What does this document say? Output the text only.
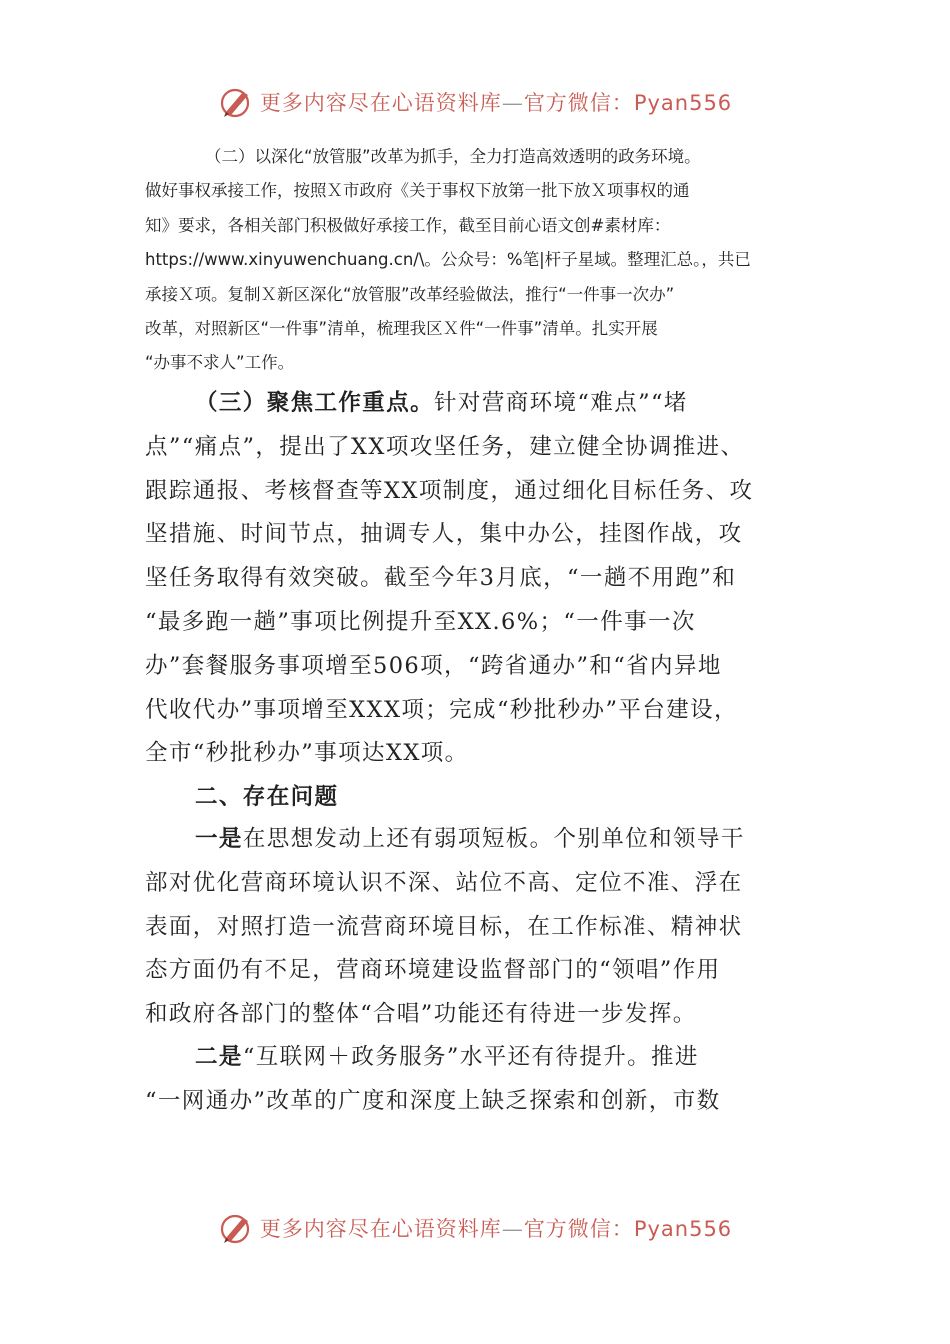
更多内容尽在心语资料库—官方微信：Pyan556
（二）以深化“放管服”改革为抓手，全力打造高效透明的政务环境。
做好事权承接工作，按照Ｘ市政府《关于事权下放第一批下放Ｘ项事权的通
知》要求，各相关部门积极做好承接工作，截至目前心语文创#素材库：
https://www.xinyuwenchuang.cn/\。公众号：%笔|杆子星域。整理汇总。，共已
承接Ｘ项。复制Ｘ新区深化“放管服”改革经验做法，推行“一件事一次办”
改革，对照新区“一件事”清单，梳理我区Ｘ件“一件事”清单。扎实开展
“办事不求人”工作。
（三）聚焦工作重点。针对营商环境“难点”“堵
点”“痛点”，提出了XX项攻坚任务，建立健全协调推进、
跟踪通报、考核督查等XX项制度，通过细化目标任务、攻
坚措施、时间节点，抽调专人，集中办公，挂图作战，攻
坚任务取得有效突破。截至今年3月底，“一趟不用跑”和
“最多跑一趟”事项比例提升至XX.6%；“一件事一次
办”套餐服务事项增至506项，“跨省通办”和“省内异地
代收代办”事项增至XXX项；完成“秒批秒办”平台建设，
全市“秒批秒办”事项达XX项。
二、存在问题
一是在思想发动上还有弱项短板。个别单位和领导干
部对优化营商环境认识不深、站位不高、定位不准、浮在
表面，对照打造一流营商环境目标，在工作标准、精神状
态方面仍有不足，营商环境建设监督部门的“领唱”作用
和政府各部门的整体“合唱”功能还有待进一步发挥。
二是“互联网＋政务服务”水平还有待提升。推进
“一网通办”改革的广度和深度上缺乏探索和创新，市数
更多内容尽在心语资料库—官方微信：Pyan556
